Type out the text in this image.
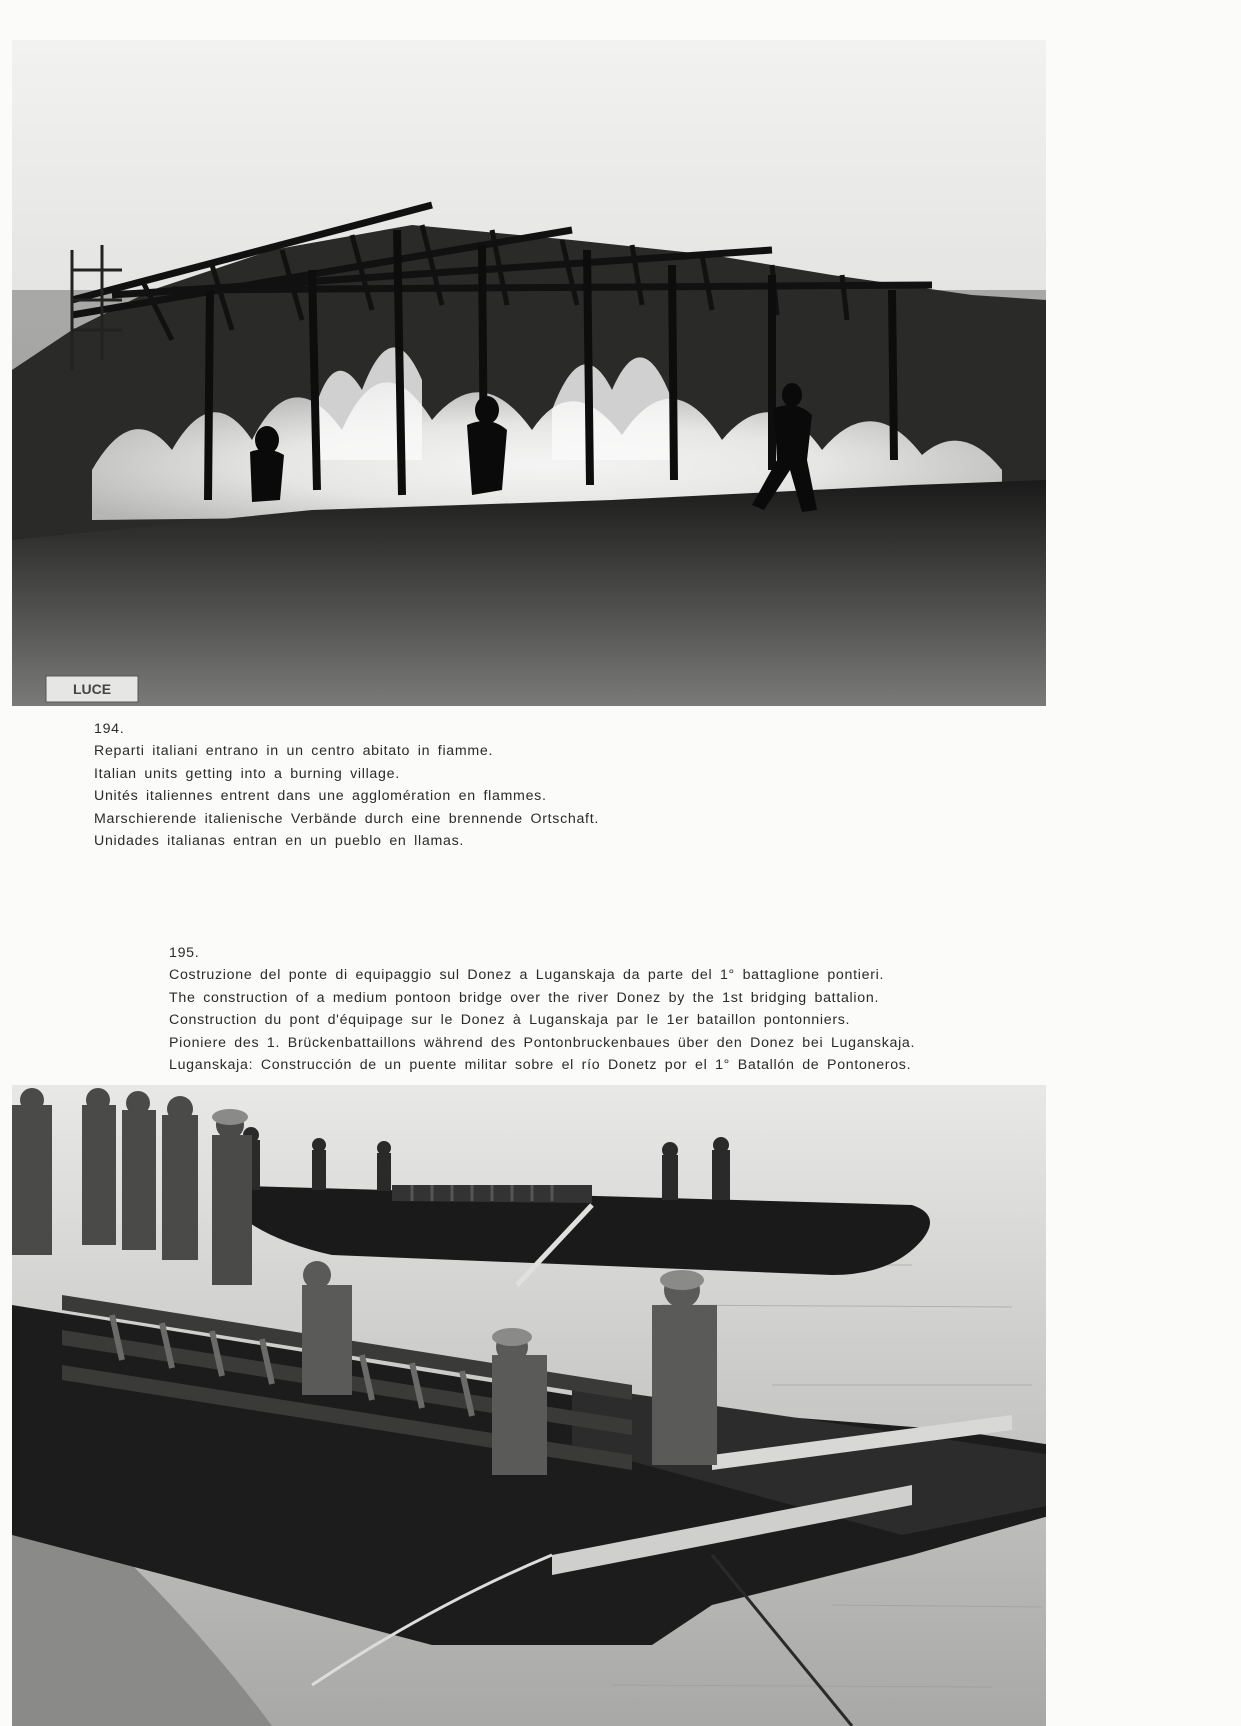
LUCE
194.
Reparti italiani entrano in un centro abitato in fiamme.
Italian units getting into a burning village.
Unités italiennes entrent dans une agglomération en flammes.
Marschierende italienische Verbände durch eine brennende Ortschaft.
Unidades italianas entran en un pueblo en llamas.
195.
Costruzione del ponte di equipaggio sul Donez a Luganskaja da parte del 1° battaglione pontieri.
The construction of a medium pontoon bridge over the river Donez by the 1st bridging battalion.
Construction du pont d'équipage sur le Donez à Luganskaja par le 1er bataillon pontonniers.
Pioniere des 1. Brückenbattaillons während des Pontonbruckenbaues über den Donez bei Luganskaja.
Luganskaja: Construcción de un puente militar sobre el río Donetz por el 1° Batallón de Pontoneros.
